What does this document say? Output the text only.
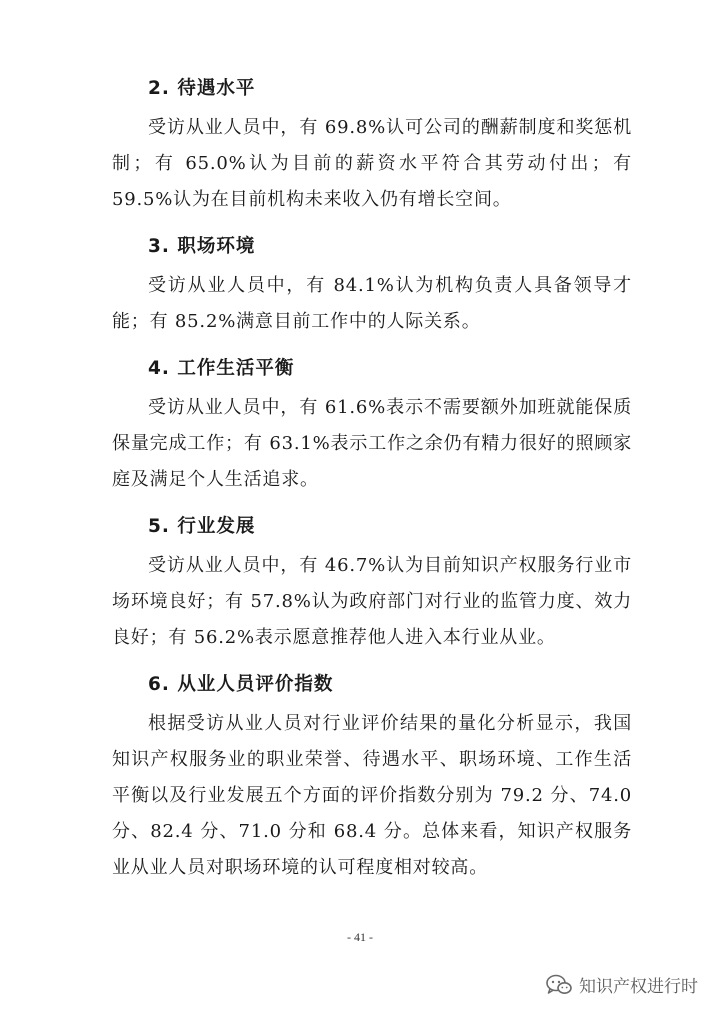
2. 待遇水平

受访从业人员中，有 69.8%认可公司的酬薪制度和奖惩机制；有 65.0%认为目前的薪资水平符合其劳动付出；有 59.5%认为在目前机构未来收入仍有增长空间。

3. 职场环境

受访从业人员中，有 84.1%认为机构负责人具备领导才能；有 85.2%满意目前工作中的人际关系。

4. 工作生活平衡

受访从业人员中，有 61.6%表示不需要额外加班就能保质保量完成工作；有 63.1%表示工作之余仍有精力很好的照顾家庭及满足个人生活追求。

5. 行业发展

受访从业人员中，有 46.7%认为目前知识产权服务行业市场环境良好；有 57.8%认为政府部门对行业的监管力度、效力良好；有 56.2%表示愿意推荐他人进入本行业从业。

6. 从业人员评价指数

根据受访从业人员对行业评价结果的量化分析显示，我国知识产权服务业的职业荣誉、待遇水平、职场环境、工作生活平衡以及行业发展五个方面的评价指数分别为 79.2 分、74.0 分、82.4 分、71.0 分和 68.4 分。总体来看，知识产权服务业从业人员对职场环境的认可程度相对较高。

- 41 -
知识产权进行时
